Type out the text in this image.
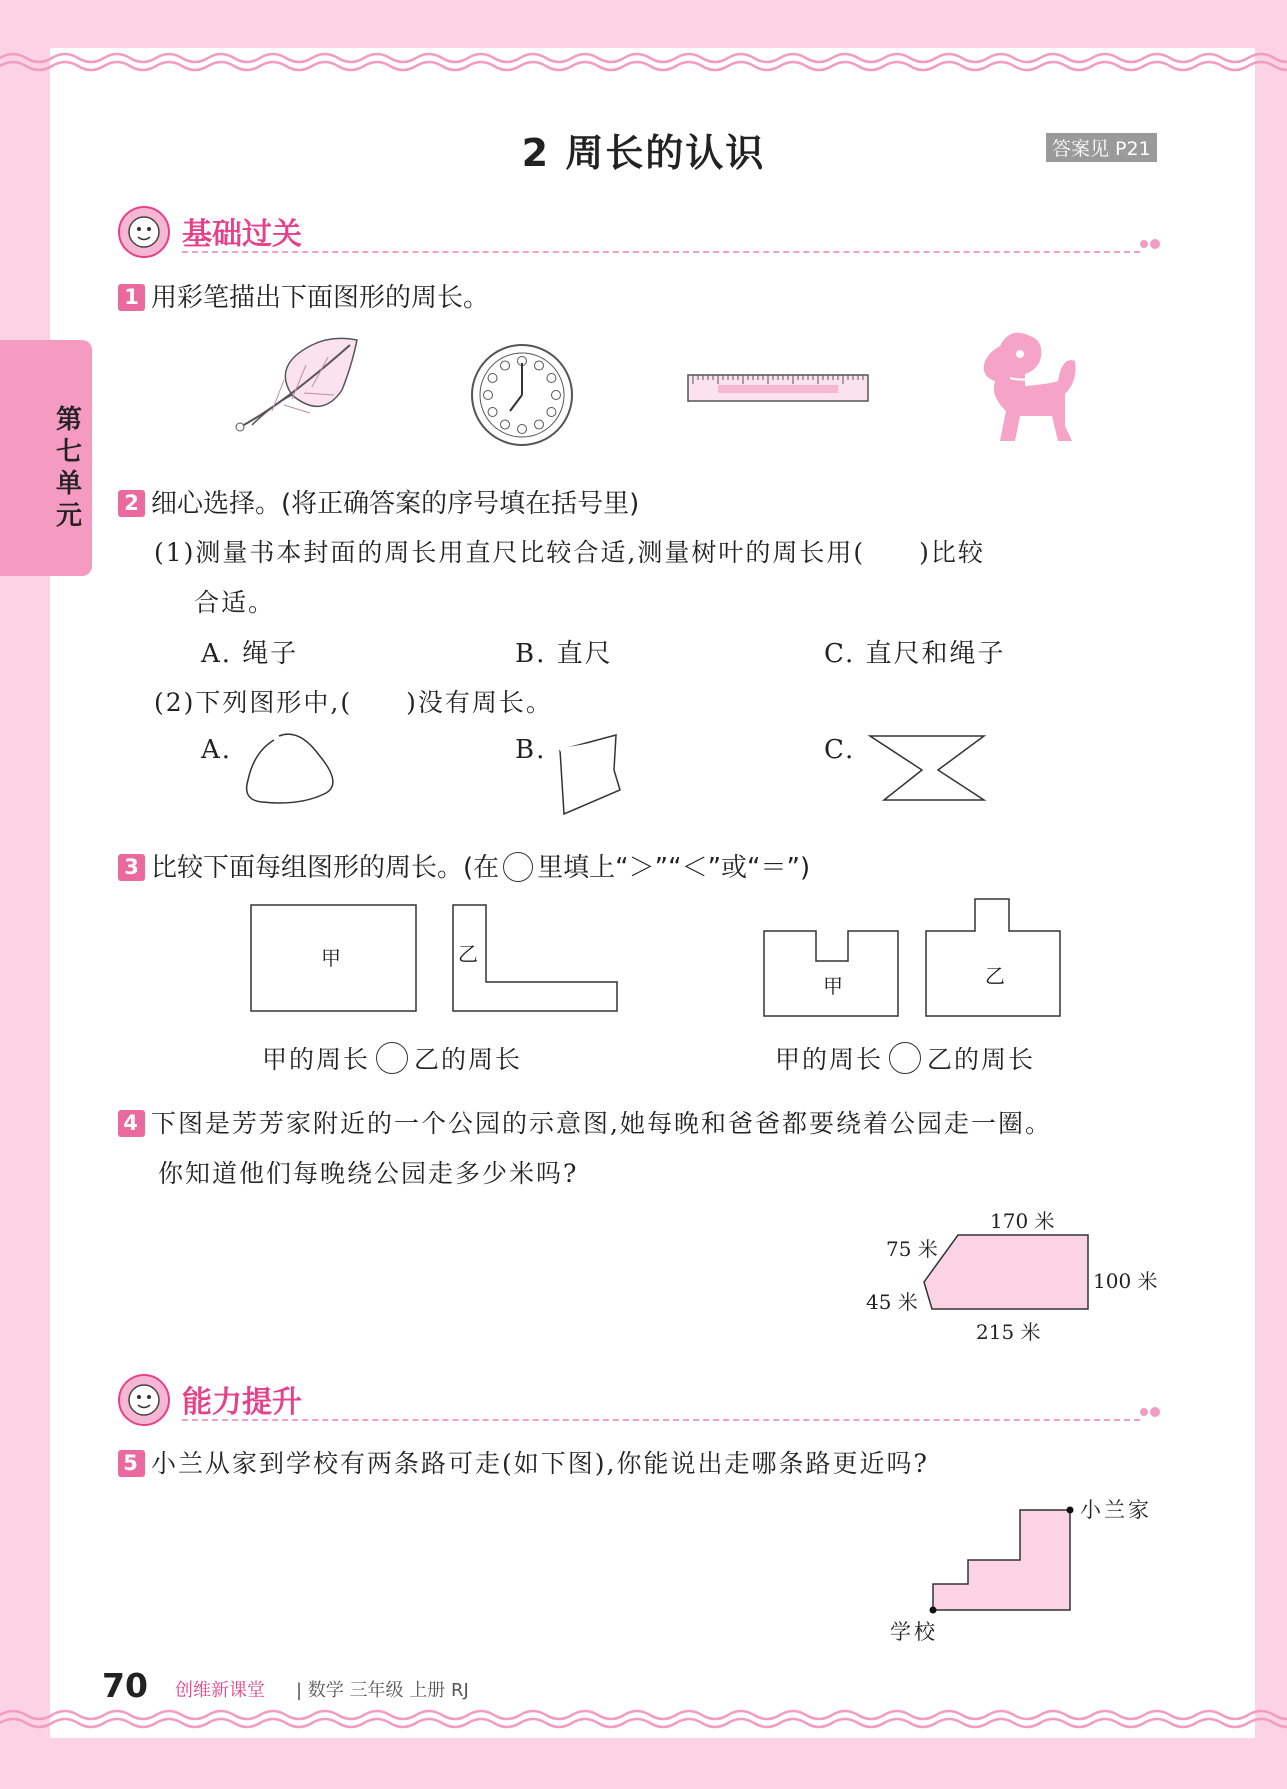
第七单元
2 周长的认识	答案见 P21
基础过关
1 用彩笔描出下面图形的周长。
2 细心选择。(将正确答案的序号填在括号里)
(1)测量书本封面的周长用直尺比较合适,测量树叶的周长用(　　)比较
合适。
A. 绳子	B. 直尺	C. 直尺和绳子
(2)下列图形中,(　　)没有周长。
A.	B.	C.
3 比较下面每组图形的周长。(在 里填上“＞”“＜”或“＝”)
甲	乙
甲	乙
甲的周长 乙的周长	甲的周长 乙的周长
4 下图是芳芳家附近的一个公园的示意图,她每晚和爸爸都要绕着公园走一圈。
你知道他们每晚绕公园走多少米吗?
170 米
75 米
100 米
45 米
215 米
能力提升
5 小兰从家到学校有两条路可走(如下图),你能说出走哪条路更近吗?
小兰家
学校
70 创维新课堂 | 数学 三年级 上册 RJ
